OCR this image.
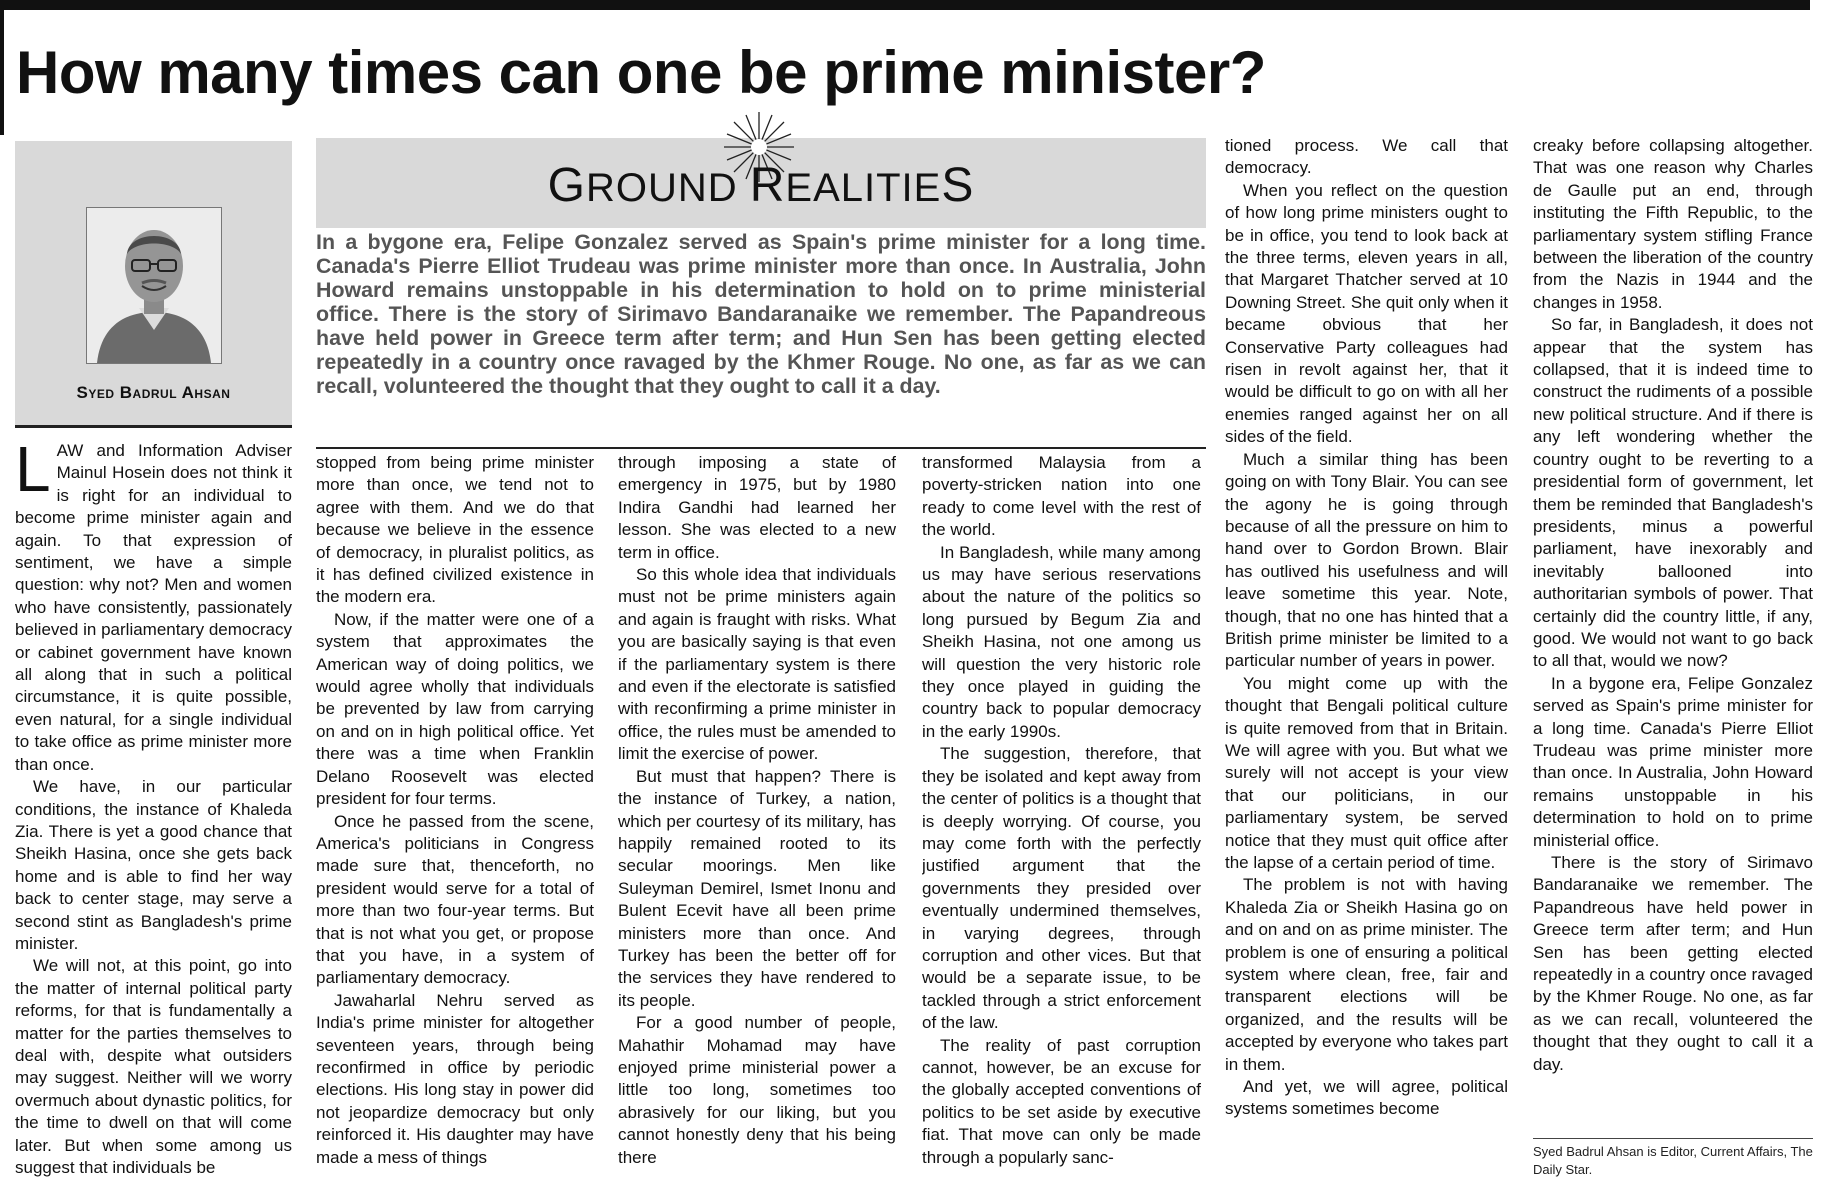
How many times can one be prime minister?
Syed Badrul Ahsan
GROUND REALITIES
In a bygone era, Felipe Gonzalez served as Spain's prime minister for a long time. Canada's Pierre Elliot Trudeau was prime minister more than once. In Australia, John Howard remains unstoppable in his determination to hold on to prime ministerial office. There is the story of Sirimavo Bandaranaike we remember. The Papandreous have held power in Greece term after term; and Hun Sen has been getting elected repeatedly in a country once ravaged by the Khmer Rouge. No one, as far as we can recall, volunteered the thought that they ought to call it a day.

LAW and Information Adviser Mainul Hosein does not think it is right for an individual to become prime minister again and again. To that expression of sentiment, we have a simple question: why not? Men and women who have consistently, passionately believed in parliamentary democracy or cabinet government have known all along that in such a political circumstance, it is quite possible, even natural, for a single individual to take office as prime minister more than once.

We have, in our particular conditions, the instance of Khaleda Zia. There is yet a good chance that Sheikh Hasina, once she gets back home and is able to find her way back to center stage, may serve a second stint as Bangladesh's prime minister.

We will not, at this point, go into the matter of internal political party reforms, for that is fundamentally a matter for the parties themselves to deal with, despite what outsiders may suggest. Neither will we worry overmuch about dynastic politics, for the time to dwell on that will come later. But when some among us suggest that individuals be

stopped from being prime minister more than once, we tend not to agree with them. And we do that because we believe in the essence of democracy, in pluralist politics, as it has defined civilized existence in the modern era.

Now, if the matter were one of a system that approximates the American way of doing politics, we would agree wholly that individuals be prevented by law from carrying on and on in high political office. Yet there was a time when Franklin Delano Roosevelt was elected president for four terms.

Once he passed from the scene, America's politicians in Congress made sure that, thenceforth, no president would serve for a total of more than two four-year terms. But that is not what you get, or propose that you have, in a system of parliamentary democracy.

Jawaharlal Nehru served as India's prime minister for altogether seventeen years, through being reconfirmed in office by periodic elections. His long stay in power did not jeopardize democracy but only reinforced it. His daughter may have made a mess of things

through imposing a state of emergency in 1975, but by 1980 Indira Gandhi had learned her lesson. She was elected to a new term in office.

So this whole idea that individuals must not be prime ministers again and again is fraught with risks. What you are basically saying is that even if the parliamentary system is there and even if the electorate is satisfied with reconfirming a prime minister in office, the rules must be amended to limit the exercise of power.

But must that happen? There is the instance of Turkey, a nation, which per courtesy of its military, has happily remained rooted to its secular moorings. Men like Suleyman Demirel, Ismet Inonu and Bulent Ecevit have all been prime ministers more than once. And Turkey has been the better off for the services they have rendered to its people.

For a good number of people, Mahathir Mohamad may have enjoyed prime ministerial power a little too long, sometimes too abrasively for our liking, but you cannot honestly deny that his being there

transformed Malaysia from a poverty-stricken nation into one ready to come level with the rest of the world.

In Bangladesh, while many among us may have serious reservations about the nature of the politics so long pursued by Begum Zia and Sheikh Hasina, not one among us will question the very historic role they once played in guiding the country back to popular democracy in the early 1990s.

The suggestion, therefore, that they be isolated and kept away from the center of politics is a thought that is deeply worrying. Of course, you may come forth with the perfectly justified argument that the governments they presided over eventually undermined themselves, in varying degrees, through corruption and other vices. But that would be a separate issue, to be tackled through a strict enforcement of the law.

The reality of past corruption cannot, however, be an excuse for the globally accepted conventions of politics to be set aside by executive fiat. That move can only be made through a popularly sanc-

tioned process. We call that democracy.

When you reflect on the question of how long prime ministers ought to be in office, you tend to look back at the three terms, eleven years in all, that Margaret Thatcher served at 10 Downing Street. She quit only when it became obvious that her Conservative Party colleagues had risen in revolt against her, that it would be difficult to go on with all her enemies ranged against her on all sides of the field.

Much a similar thing has been going on with Tony Blair. You can see the agony he is going through because of all the pressure on him to hand over to Gordon Brown. Blair has outlived his usefulness and will leave sometime this year. Note, though, that no one has hinted that a British prime minister be limited to a particular number of years in power.

You might come up with the thought that Bengali political culture is quite removed from that in Britain. We will agree with you. But what we surely will not accept is your view that our politicians, in our parliamentary system, be served notice that they must quit office after the lapse of a certain period of time.

The problem is not with having Khaleda Zia or Sheikh Hasina go on and on and on as prime minister. The problem is one of ensuring a political system where clean, free, fair and transparent elections will be organized, and the results will be accepted by everyone who takes part in them.

And yet, we will agree, political systems sometimes become

creaky before collapsing altogether. That was one reason why Charles de Gaulle put an end, through instituting the Fifth Republic, to the parliamentary system stifling France between the liberation of the country from the Nazis in 1944 and the changes in 1958.

So far, in Bangladesh, it does not appear that the system has collapsed, that it is indeed time to construct the rudiments of a possible new political structure. And if there is any left wondering whether the country ought to be reverting to a presidential form of government, let them be reminded that Bangladesh's presidents, minus a powerful parliament, have inexorably and inevitably ballooned into authoritarian symbols of power. That certainly did the country little, if any, good. We would not want to go back to all that, would we now?

In a bygone era, Felipe Gonzalez served as Spain's prime minister for a long time. Canada's Pierre Elliot Trudeau was prime minister more than once. In Australia, John Howard remains unstoppable in his determination to hold on to prime ministerial office.

There is the story of Sirimavo Bandaranaike we remember. The Papandreous have held power in Greece term after term; and Hun Sen has been getting elected repeatedly in a country once ravaged by the Khmer Rouge. No one, as far as we can recall, volunteered the thought that they ought to call it a day.

Syed Badrul Ahsan is Editor, Current Affairs, The Daily Star.
